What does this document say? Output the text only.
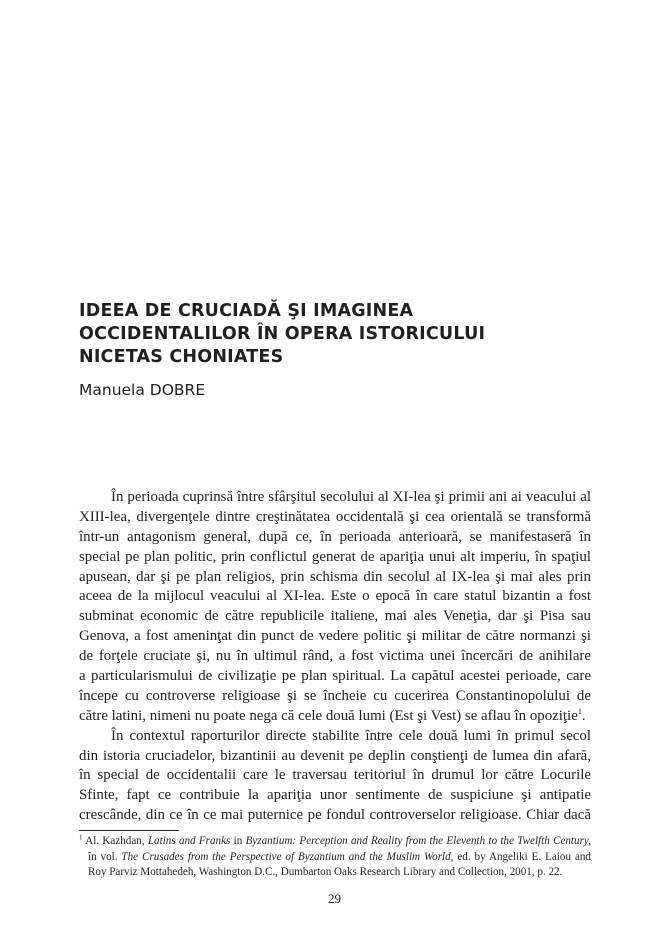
IDEEA DE CRUCIADĂ ŞI IMAGINEA
OCCIDENTALILOR ÎN OPERA ISTORICULUI
NICETAS CHONIATES
Manuela DOBRE
În perioada cuprinsă între sfârşitul secolului al XI-lea şi primii ani ai veacului al
XIII-lea, divergenţele dintre creştinătatea occidentală şi cea orientală se transformă
într-un antagonism general, după ce, în perioada anterioară, se manifestaseră în
special pe plan politic, prin conflictul generat de apariţia unui alt imperiu, în spaţiul
apusean, dar şi pe plan religios, prin schisma din secolul al IX-lea şi mai ales prin
aceea de la mijlocul veacului al XI-lea. Este o epocă în care statul bizantin a fost
subminat economic de către republicile italiene, mai ales Veneţia, dar şi Pisa sau
Genova, a fost ameninţat din punct de vedere politic şi militar de către normanzi şi
de forţele cruciate şi, nu în ultimul rând, a fost victima unei încercări de anihilare
a particularismului de civilizaţie pe plan spiritual. La capătul acestei perioade, care
începe cu controverse religioase şi se încheie cu cucerirea Constantinopolului de
către latini, nimeni nu poate nega că cele două lumi (Est şi Vest) se aflau în opoziţie$^1$.
În contextul raporturilor directe stabilite între cele două lumi în primul secol
din istoria cruciadelor, bizantinii au devenit pe deplin conştienţi de lumea din afară,
în special de occidentalii care le traversau teritoriul în drumul lor către Locurile
Sfinte, fapt ce contribuie la apariţia unor sentimente de suspiciune şi antipatie
crescânde, din ce în ce mai puternice pe fondul controverselor religioase. Chiar dacă
$^1$ Al. Kazhdan, Latins and Franks in Byzantium: Perception and Reality from the Eleventh to the Twelfth Century,
în vol. The Crusades from the Perspective of Byzantium and the Muslim World, ed. by Angeliki E. Laiou and
Roy Parviz Mottahedeh, Washington D.C., Dumbarton Oaks Research Library and Collection, 2001, p. 22.
29
